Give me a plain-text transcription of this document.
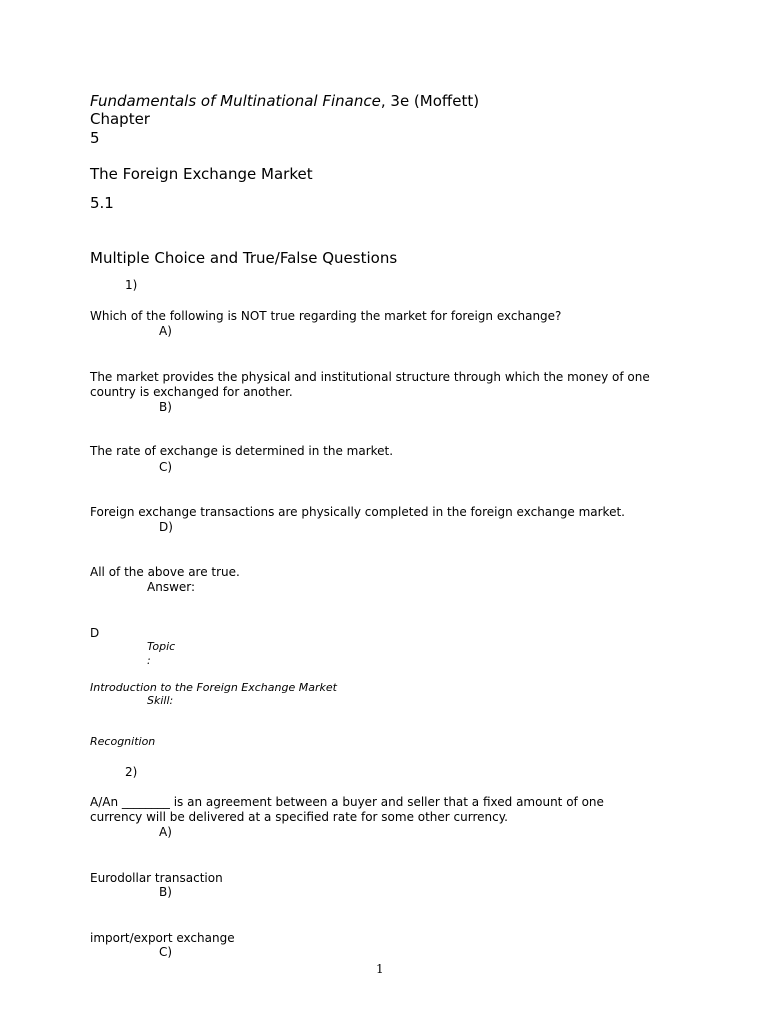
Fundamentals of Multinational Finance, 3e (Moffett)
Chapter
5
The Foreign Exchange Market
5.1
Multiple Choice and True/False Questions
1)
Which of the following is NOT true regarding the market for foreign exchange?
A)
The market provides the physical and institutional structure through which the money of one
country is exchanged for another.
B)
The rate of exchange is determined in the market.
C)
Foreign exchange transactions are physically completed in the foreign exchange market.
D)
All of the above are true.
Answer:
D
Topic
:
Introduction to the Foreign Exchange Market
Skill:
Recognition
2)
A/An ________ is an agreement between a buyer and seller that a fixed amount of one
currency will be delivered at a specified rate for some other currency.
A)
Eurodollar transaction
B)
import/export exchange
C)
1
